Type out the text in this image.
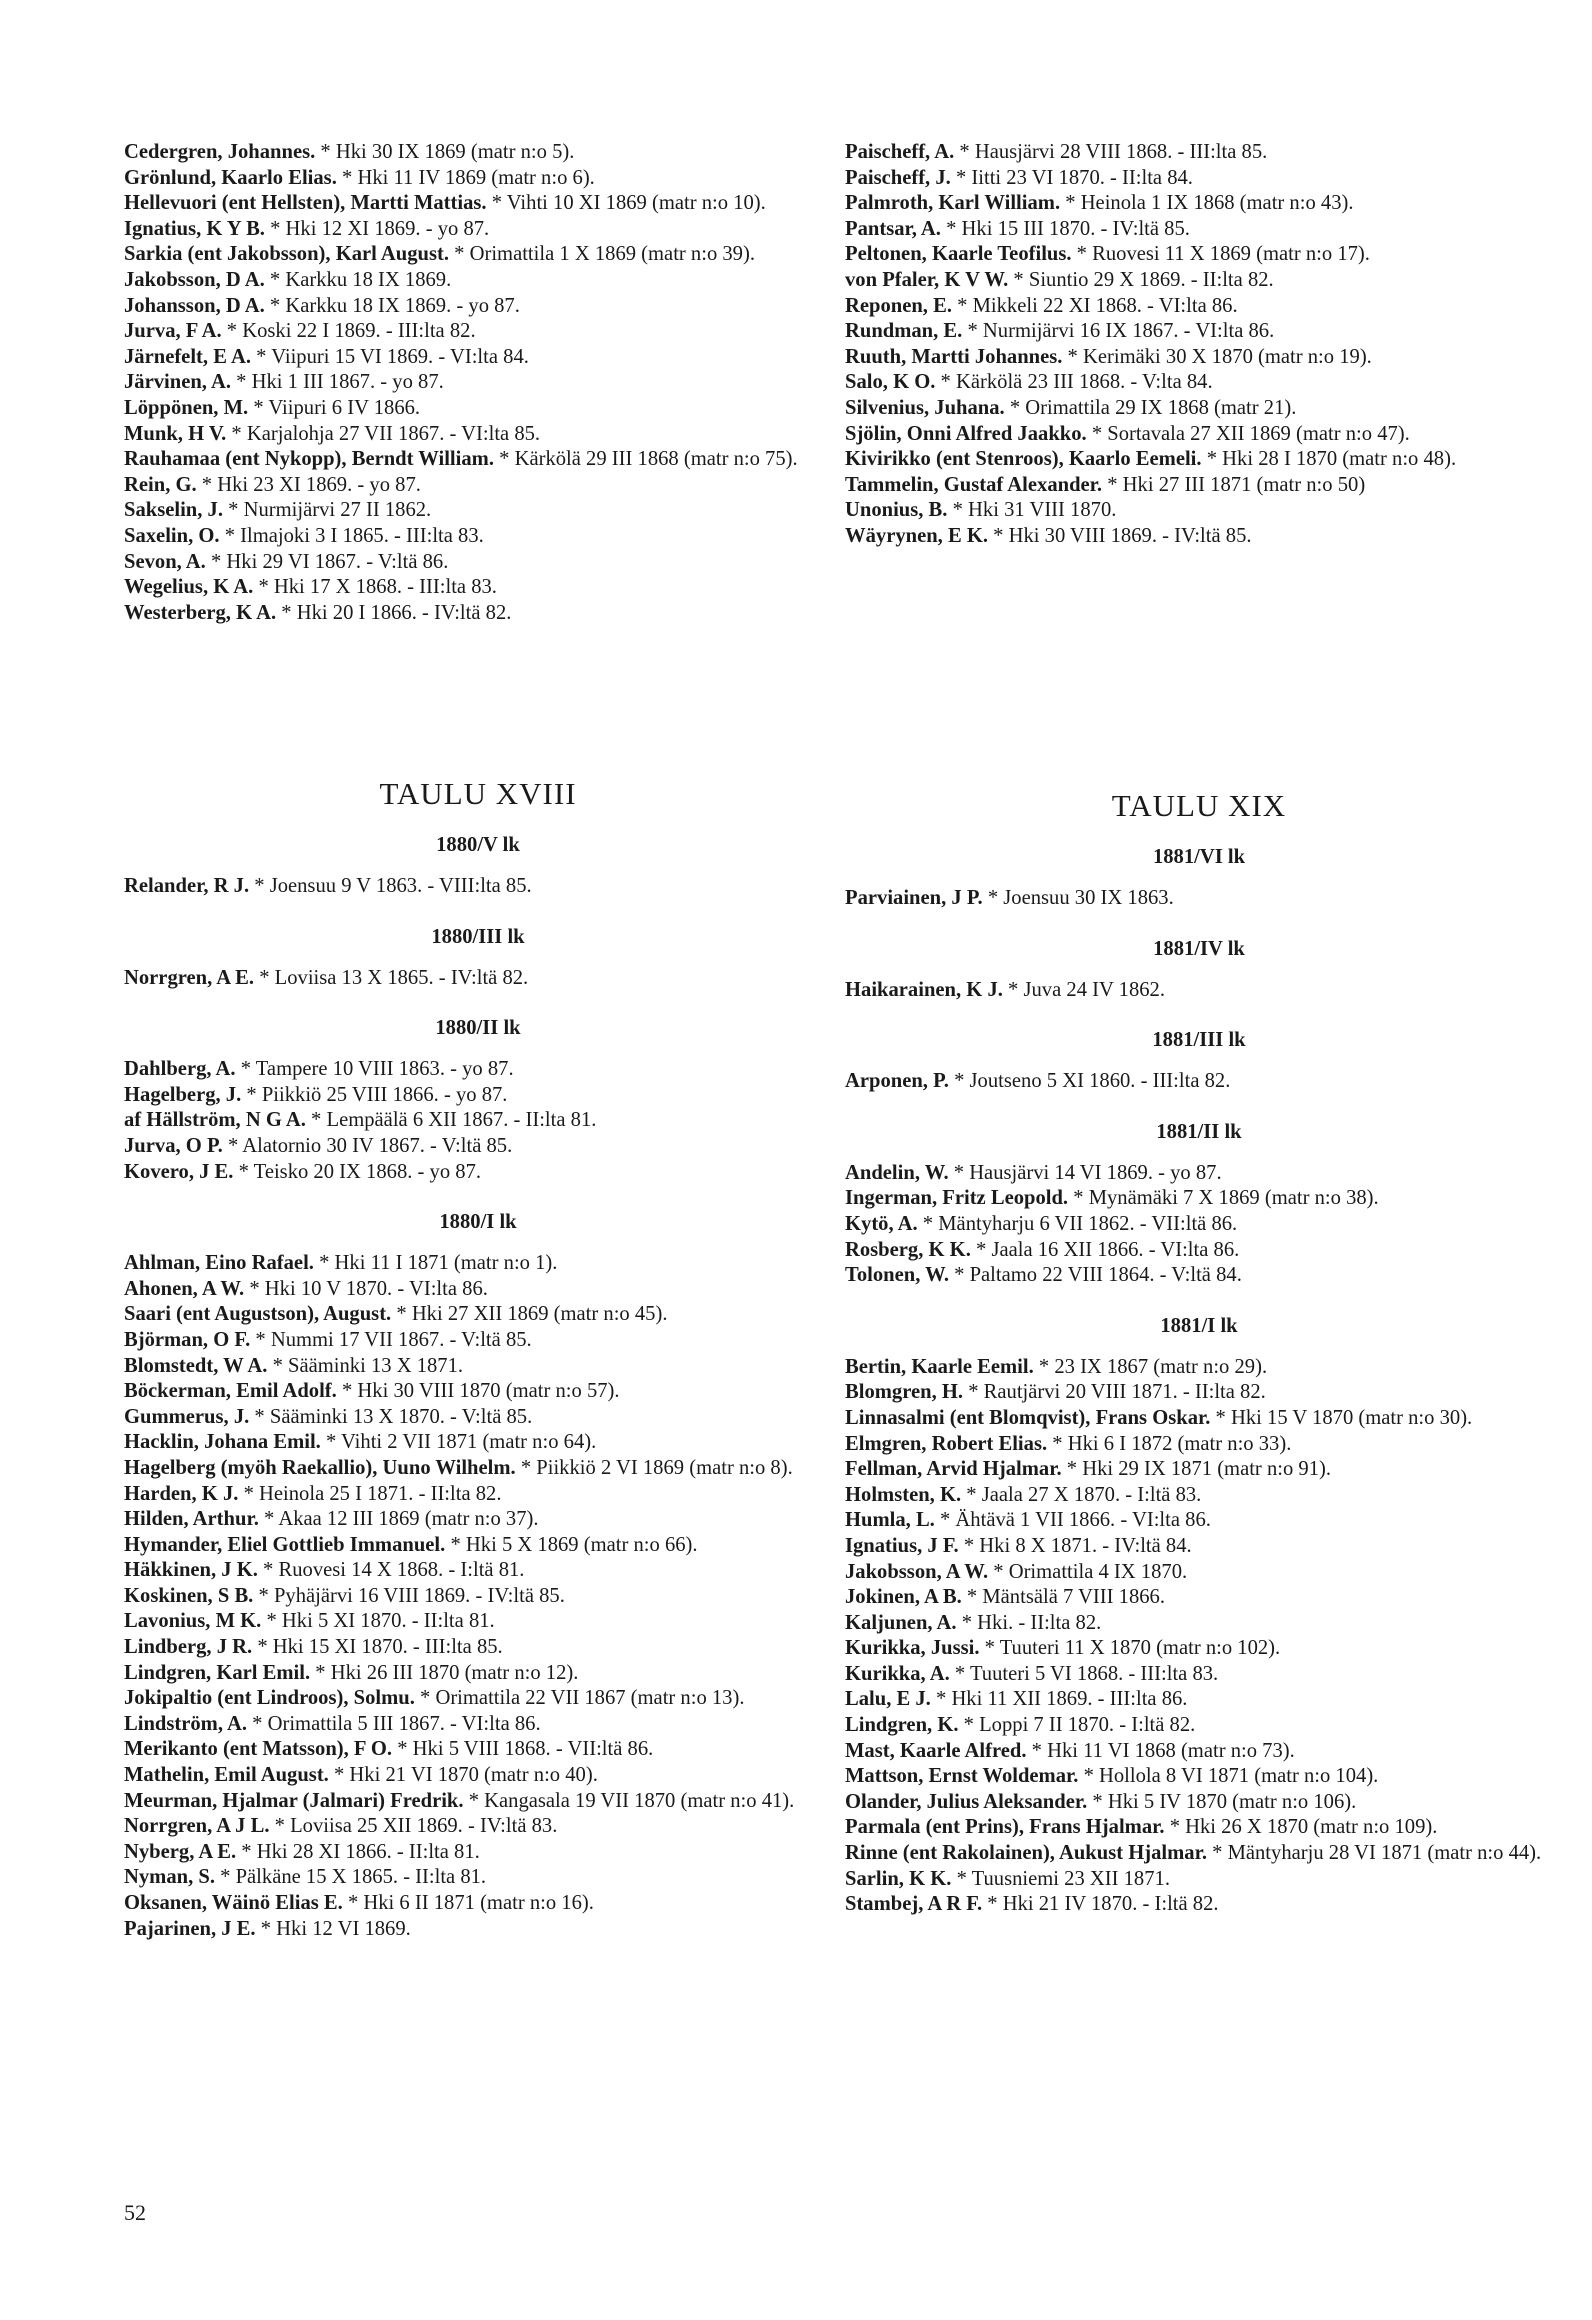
Cedergren, Johannes. * Hki 30 IX 1869 (matr n:o 5).

Grönlund, Kaarlo Elias. * Hki 11 IV 1869 (matr n:o 6).

Hellevuori (ent Hellsten), Martti Mattias. * Vihti 10 XI 1869 (matr n:o 10).

Ignatius, K Y B. * Hki 12 XI 1869. - yo 87.

Sarkia (ent Jakobsson), Karl August. * Orimattila 1 X 1869 (matr n:o 39).

Jakobsson, D A. * Karkku 18 IX 1869.

Johansson, D A. * Karkku 18 IX 1869. - yo 87.

Jurva, F A. * Koski 22 I 1869. - III:lta 82.

Järnefelt, E A. * Viipuri 15 VI 1869. - VI:lta 84.

Järvinen, A. * Hki 1 III 1867. - yo 87.

Löppönen, M. * Viipuri 6 IV 1866.

Munk, H V. * Karjalohja 27 VII 1867. - VI:lta 85.

Rauhamaa (ent Nykopp), Berndt William. * Kärkölä 29 III 1868 (matr n:o 75).

Rein, G. * Hki 23 XI 1869. - yo 87.

Sakselin, J. * Nurmijärvi 27 II 1862.

Saxelin, O. * Ilmajoki 3 I 1865. - III:lta 83.

Sevon, A. * Hki 29 VI 1867. - V:ltä 86.

Wegelius, K A. * Hki 17 X 1868. - III:lta 83.

Westerberg, K A. * Hki 20 I 1866. - IV:ltä 82.

Paischeff, A. * Hausjärvi 28 VIII 1868. - III:lta 85.

Paischeff, J. * Iitti 23 VI 1870. - II:lta 84.

Palmroth, Karl William. * Heinola 1 IX 1868 (matr n:o 43).

Pantsar, A. * Hki 15 III 1870. - IV:ltä 85.

Peltonen, Kaarle Teofilus. * Ruovesi 11 X 1869 (matr n:o 17).

von Pfaler, K V W. * Siuntio 29 X 1869. - II:lta 82.

Reponen, E. * Mikkeli 22 XI 1868. - VI:lta 86.

Rundman, E. * Nurmijärvi 16 IX 1867. - VI:lta 86.

Ruuth, Martti Johannes. * Kerimäki 30 X 1870 (matr n:o 19).

Salo, K O. * Kärkölä 23 III 1868. - V:lta 84.

Silvenius, Juhana. * Orimattila 29 IX 1868 (matr 21).

Sjölin, Onni Alfred Jaakko. * Sortavala 27 XII 1869 (matr n:o 47).

Kivirikko (ent Stenroos), Kaarlo Eemeli. * Hki 28 I 1870 (matr n:o 48).

Tammelin, Gustaf Alexander. * Hki 27 III 1871 (matr n:o 50)

Unonius, B. * Hki 31 VIII 1870.

Wäyrynen, E K. * Hki 30 VIII 1869. - IV:ltä 85.

TAULU XVIII
1880/V lk

Relander, R J. * Joensuu 9 V 1863. - VIII:lta 85.

1880/III lk

Norrgren, A E. * Loviisa 13 X 1865. - IV:ltä 82.

1880/II lk

Dahlberg, A. * Tampere 10 VIII 1863. - yo 87.

Hagelberg, J. * Piikkiö 25 VIII 1866. - yo 87.

af Hällström, N G A. * Lempäälä 6 XII 1867. - II:lta 81.

Jurva, O P. * Alatornio 30 IV 1867. - V:ltä 85.

Kovero, J E. * Teisko 20 IX 1868. - yo 87.

1880/I lk

Ahlman, Eino Rafael. * Hki 11 I 1871 (matr n:o 1).

Ahonen, A W. * Hki 10 V 1870. - VI:lta 86.

Saari (ent Augustson), August. * Hki 27 XII 1869 (matr n:o 45).

Björman, O F. * Nummi 17 VII 1867. - V:ltä 85.

Blomstedt, W A. * Sääminki 13 X 1871.

Böckerman, Emil Adolf. * Hki 30 VIII 1870 (matr n:o 57).

Gummerus, J. * Sääminki 13 X 1870. - V:ltä 85.

Hacklin, Johana Emil. * Vihti 2 VII 1871 (matr n:o 64).

Hagelberg (myöh Raekallio), Uuno Wilhelm. * Piikkiö 2 VI 1869 (matr n:o 8).

Harden, K J. * Heinola 25 I 1871. - II:lta 82.

Hilden, Arthur. * Akaa 12 III 1869 (matr n:o 37).

Hymander, Eliel Gottlieb Immanuel. * Hki 5 X 1869 (matr n:o 66).

Häkkinen, J K. * Ruovesi 14 X 1868. - I:ltä 81.

Koskinen, S B. * Pyhäjärvi 16 VIII 1869. - IV:ltä 85.

Lavonius, M K. * Hki 5 XI 1870. - II:lta 81.

Lindberg, J R. * Hki 15 XI 1870. - III:lta 85.

Lindgren, Karl Emil. * Hki 26 III 1870 (matr n:o 12).

Jokipaltio (ent Lindroos), Solmu. * Orimattila 22 VII 1867 (matr n:o 13).

Lindström, A. * Orimattila 5 III 1867. - VI:lta 86.

Merikanto (ent Matsson), F O. * Hki 5 VIII 1868. - VII:ltä 86.

Mathelin, Emil August. * Hki 21 VI 1870 (matr n:o 40).

Meurman, Hjalmar (Jalmari) Fredrik. * Kangasala 19 VII 1870 (matr n:o 41).

Norrgren, A J L. * Loviisa 25 XII 1869. - IV:ltä 83.

Nyberg, A E. * Hki 28 XI 1866. - II:lta 81.

Nyman, S. * Pälkäne 15 X 1865. - II:lta 81.

Oksanen, Wäinö Elias E. * Hki 6 II 1871 (matr n:o 16).

Pajarinen, J E. * Hki 12 VI 1869.

TAULU XIX
1881/VI lk

Parviainen, J P. * Joensuu 30 IX 1863.

1881/IV lk

Haikarainen, K J. * Juva 24 IV 1862.

1881/III lk

Arponen, P. * Joutseno 5 XI 1860. - III:lta 82.

1881/II lk

Andelin, W. * Hausjärvi 14 VI 1869. - yo 87.

Ingerman, Fritz Leopold. * Mynämäki 7 X 1869 (matr n:o 38).

Kytö, A. * Mäntyharju 6 VII 1862. - VII:ltä 86.

Rosberg, K K. * Jaala 16 XII 1866. - VI:lta 86.

Tolonen, W. * Paltamo 22 VIII 1864. - V:ltä 84.

1881/I lk

Bertin, Kaarle Eemil. * 23 IX 1867 (matr n:o 29).

Blomgren, H. * Rautjärvi 20 VIII 1871. - II:lta 82.

Linnasalmi (ent Blomqvist), Frans Oskar. * Hki 15 V 1870 (matr n:o 30).

Elmgren, Robert Elias. * Hki 6 I 1872 (matr n:o 33).

Fellman, Arvid Hjalmar. * Hki 29 IX 1871 (matr n:o 91).

Holmsten, K. * Jaala 27 X 1870. - I:ltä 83.

Humla, L. * Ähtävä 1 VII 1866. - VI:lta 86.

Ignatius, J F. * Hki 8 X 1871. - IV:ltä 84.

Jakobsson, A W. * Orimattila 4 IX 1870.

Jokinen, A B. * Mäntsälä 7 VIII 1866.

Kaljunen, A. * Hki. - II:lta 82.

Kurikka, Jussi. * Tuuteri 11 X 1870 (matr n:o 102).

Kurikka, A. * Tuuteri 5 VI 1868. - III:lta 83.

Lalu, E J. * Hki 11 XII 1869. - III:lta 86.

Lindgren, K. * Loppi 7 II 1870. - I:ltä 82.

Mast, Kaarle Alfred. * Hki 11 VI 1868 (matr n:o 73).

Mattson, Ernst Woldemar. * Hollola 8 VI 1871 (matr n:o 104).

Olander, Julius Aleksander. * Hki 5 IV 1870 (matr n:o 106).

Parmala (ent Prins), Frans Hjalmar. * Hki 26 X 1870 (matr n:o 109).

Rinne (ent Rakolainen), Aukust Hjalmar. * Mäntyharju 28 VI 1871 (matr n:o 44).

Sarlin, K K. * Tuusniemi 23 XII 1871.

Stambej, A R F. * Hki 21 IV 1870. - I:ltä 82.

52
